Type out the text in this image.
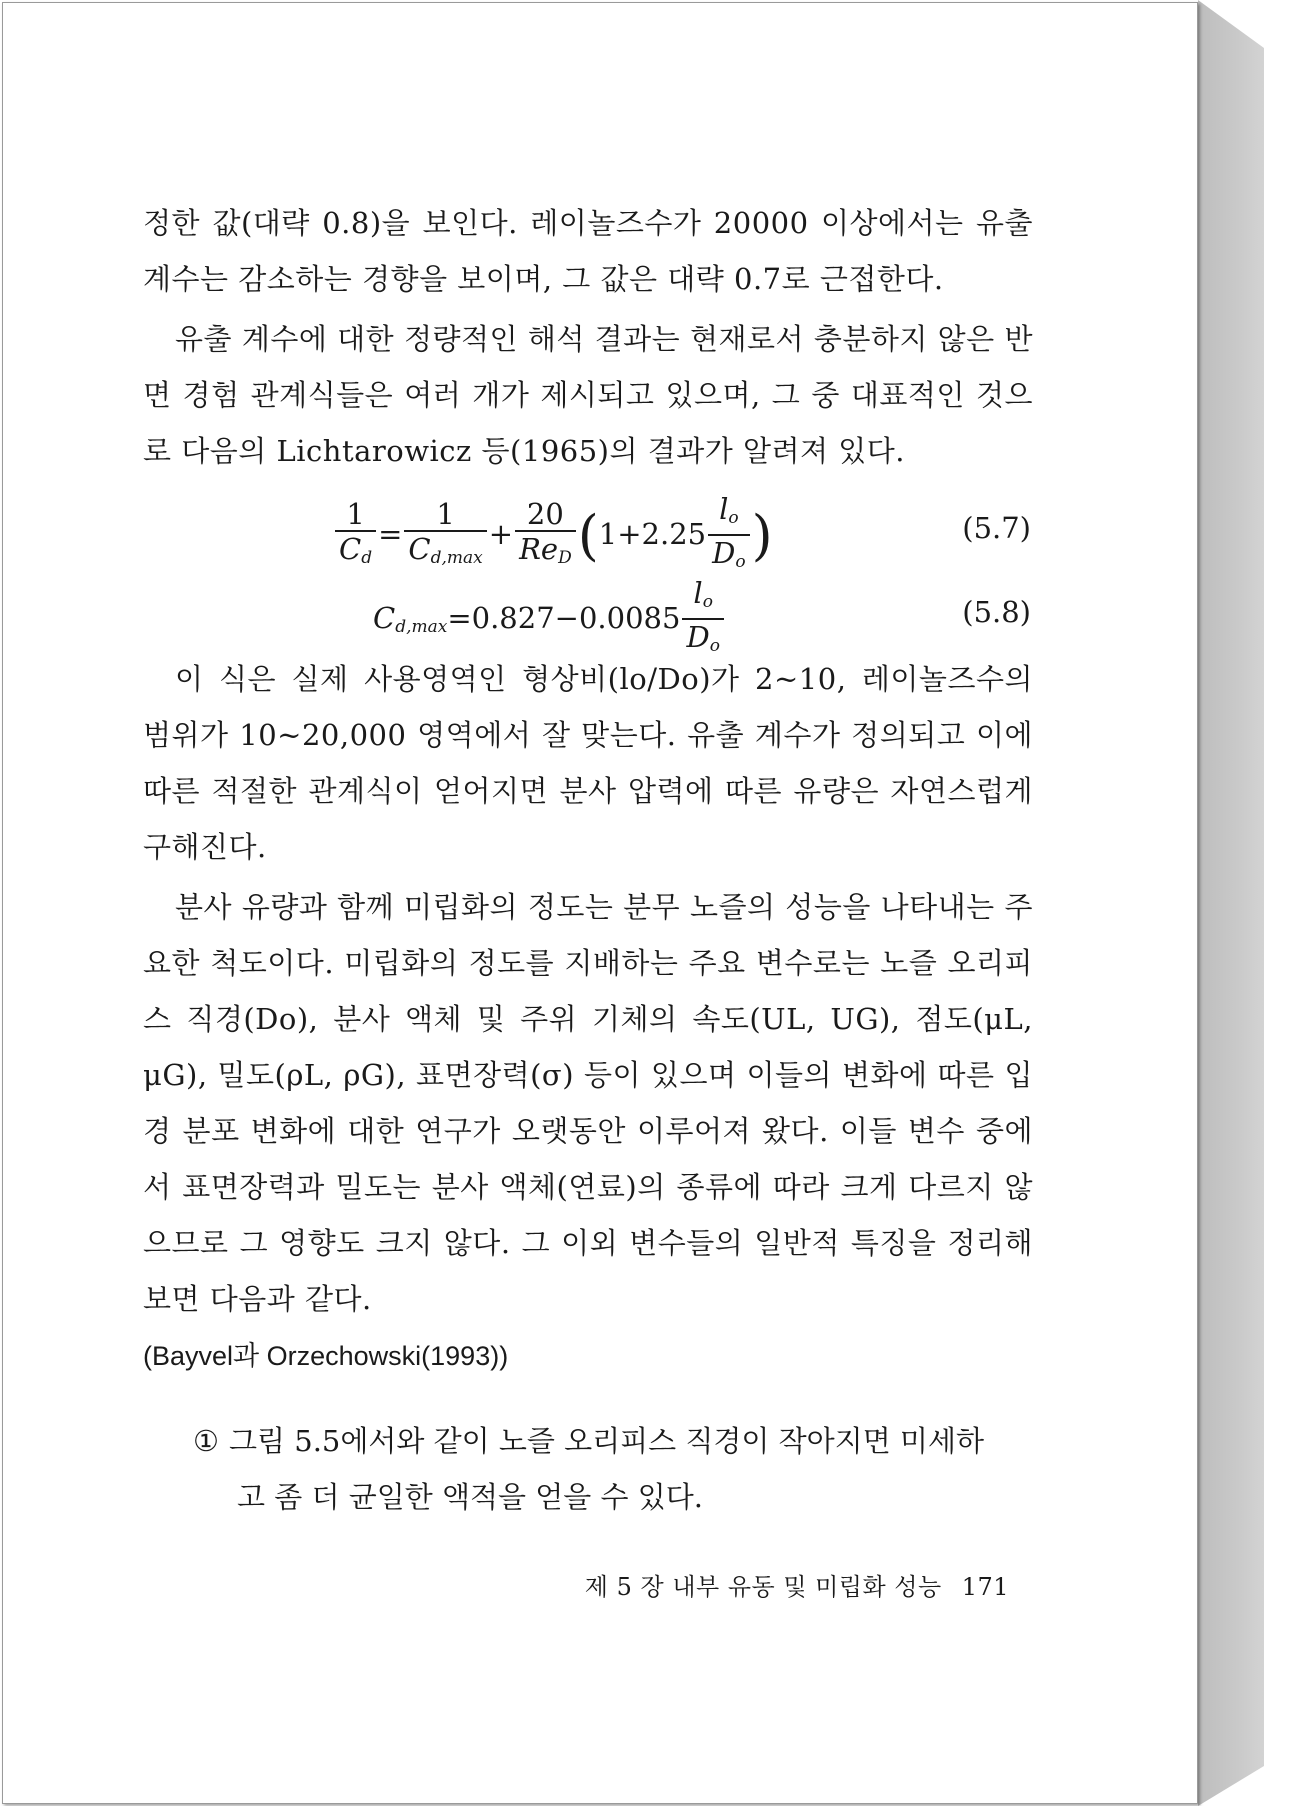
정한 값(대략 0.8)을 보인다. 레이놀즈수가 20000 이상에서는 유출 계수는 감소하는 경향을 보이며, 그 값은 대략 0.7로 근접한다.

유출 계수에 대한 정량적인 해석 결과는 현재로서 충분하지 않은 반면 경험 관계식들은 여러 개가 제시되고 있으며, 그 중 대표적인 것으로 다음의 Lichtarowicz 등(1965)의 결과가 알려져 있다.

$\frac{1}{C_d} = \frac{1}{C_{d,max}} + \frac{20}{Re_D} (1+2.25 \frac{l_o}{D_o}$ )	(5.7)
$C_{d,max}=0.827-0.0085 \frac{l_o}{D_o}$	(5.8)

이 식은 실제 사용영역인 형상비(lo/Do)가 2~10, 레이놀즈수의 범위가 10~20,000 영역에서 잘 맞는다. 유출 계수가 정의되고 이에 따른 적절한 관계식이 얻어지면 분사 압력에 따른 유량은 자연스럽게 구해진다.

분사 유량과 함께 미립화의 정도는 분무 노즐의 성능을 나타내는 주요한 척도이다. 미립화의 정도를 지배하는 주요 변수로는 노즐 오리피스 직경(Do), 분사 액체 및 주위 기체의 속도(UL, UG), 점도(μL, μG), 밀도(ρL, ρG), 표면장력(σ) 등이 있으며 이들의 변화에 따른 입경 분포 변화에 대한 연구가 오랫동안 이루어져 왔다. 이들 변수 중에서 표면장력과 밀도는 분사 액체(연료)의 종류에 따라 크게 다르지 않으므로 그 영향도 크지 않다. 그 이외 변수들의 일반적 특징을 정리해 보면 다음과 같다.

(Bayvel과 Orzechowski(1993))

① 그림 5.5에서와 같이 노즐 오리피스 직경이 작아지면 미세하
고 좀 더 균일한 액적을 얻을 수 있다.
제 5 장 내부 유동 및 미립화 성능 171
